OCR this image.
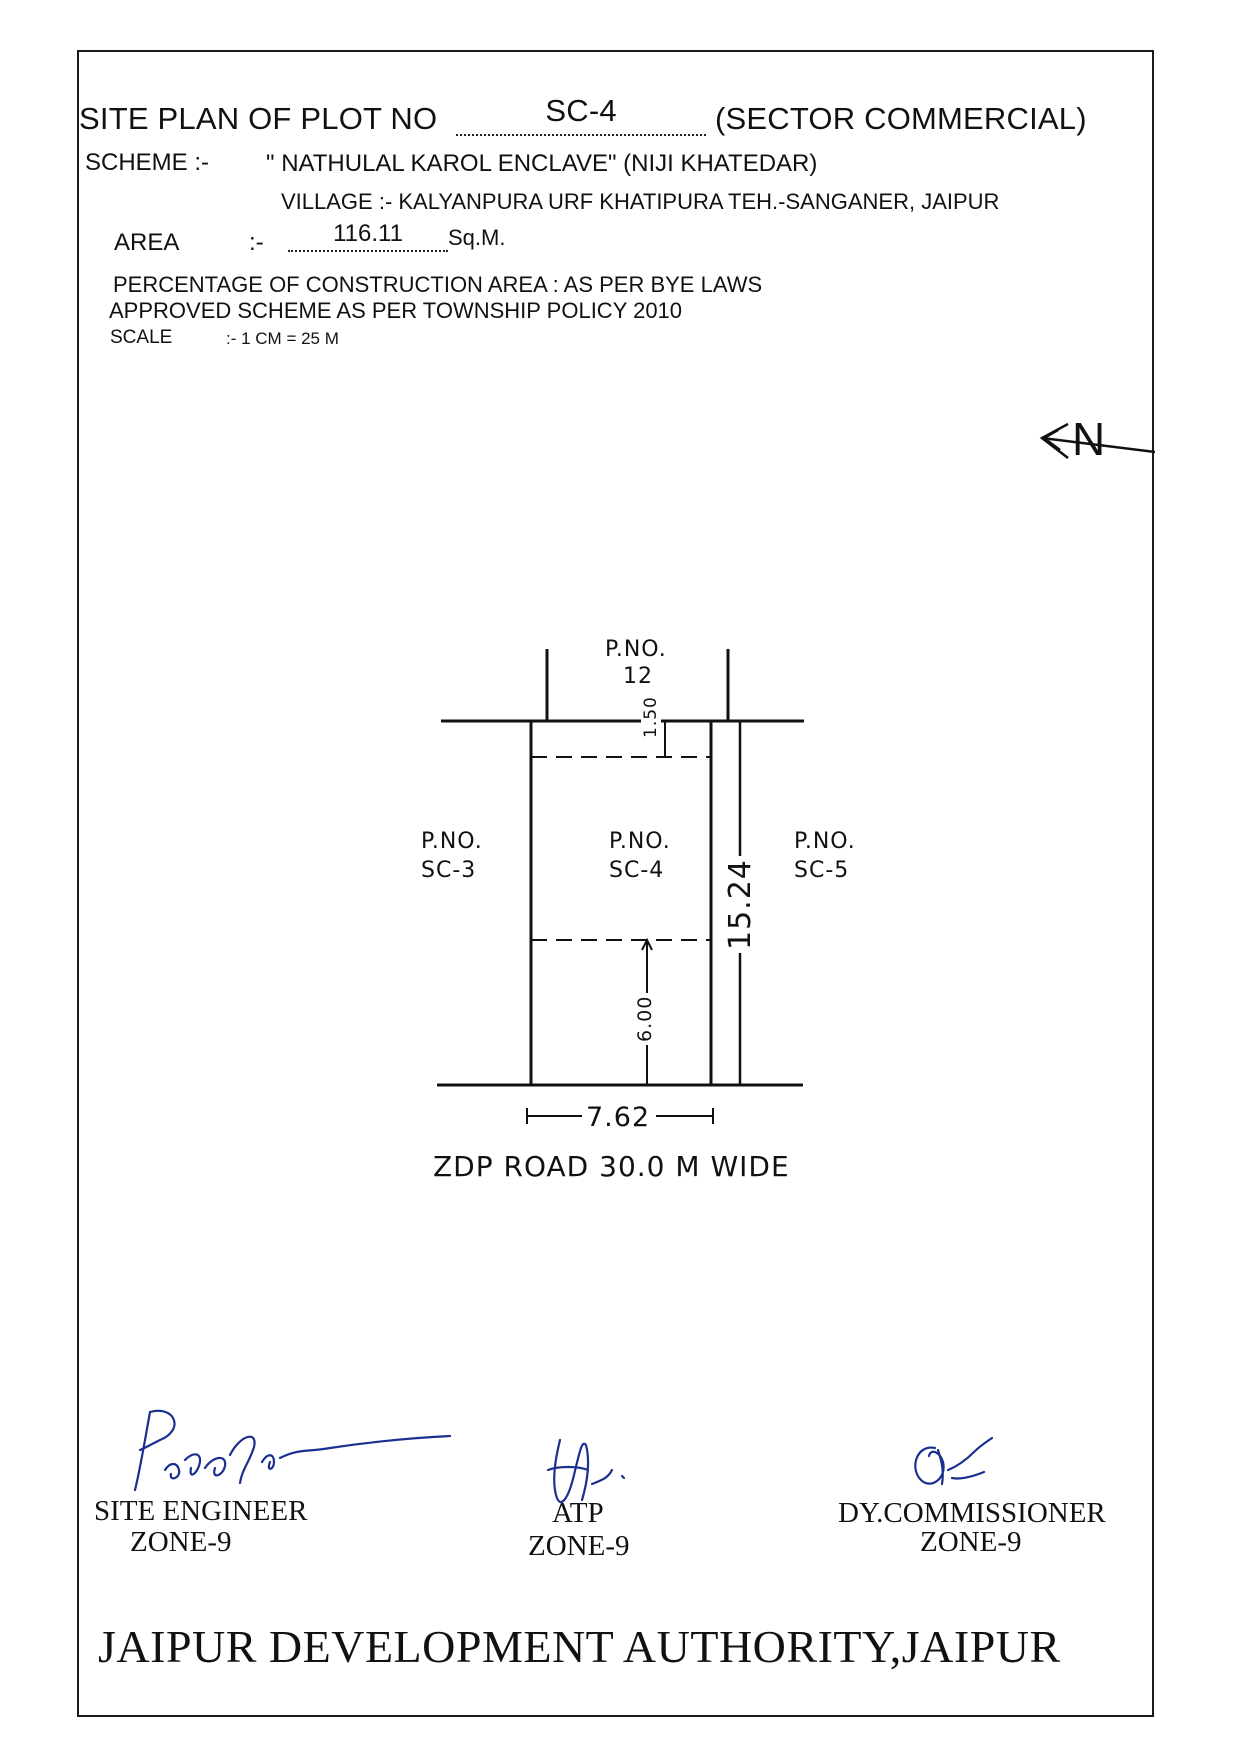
SITE PLAN OF PLOT NO	SC-4	(SECTOR COMMERCIAL)
SCHEME :- " NATHULAL KAROL ENCLAVE" (NIJI KHATEDAR)
VILLAGE :- KALYANPURA URF KHATIPURA TEH.-SANGANER, JAIPUR
AREA	:-	116.11 Sq.M.
PERCENTAGE OF CONSTRUCTION AREA : AS PER BYE LAWS
APPROVED SCHEME AS PER TOWNSHIP POLICY 2010
SCALE	:- 1 CM = 25 M
P.NO.
12
P.NO.
SC-3
P.NO.
SC-4
P.NO.
SC-5
1.50
15.24
6.00
7.62
ZDP ROAD 30.0 M WIDE
N
SITE ENGINEER
ZONE-9
ATP
ZONE-9
DY.COMMISSIONER
ZONE-9
JAIPUR DEVELOPMENT AUTHORITY,JAIPUR
